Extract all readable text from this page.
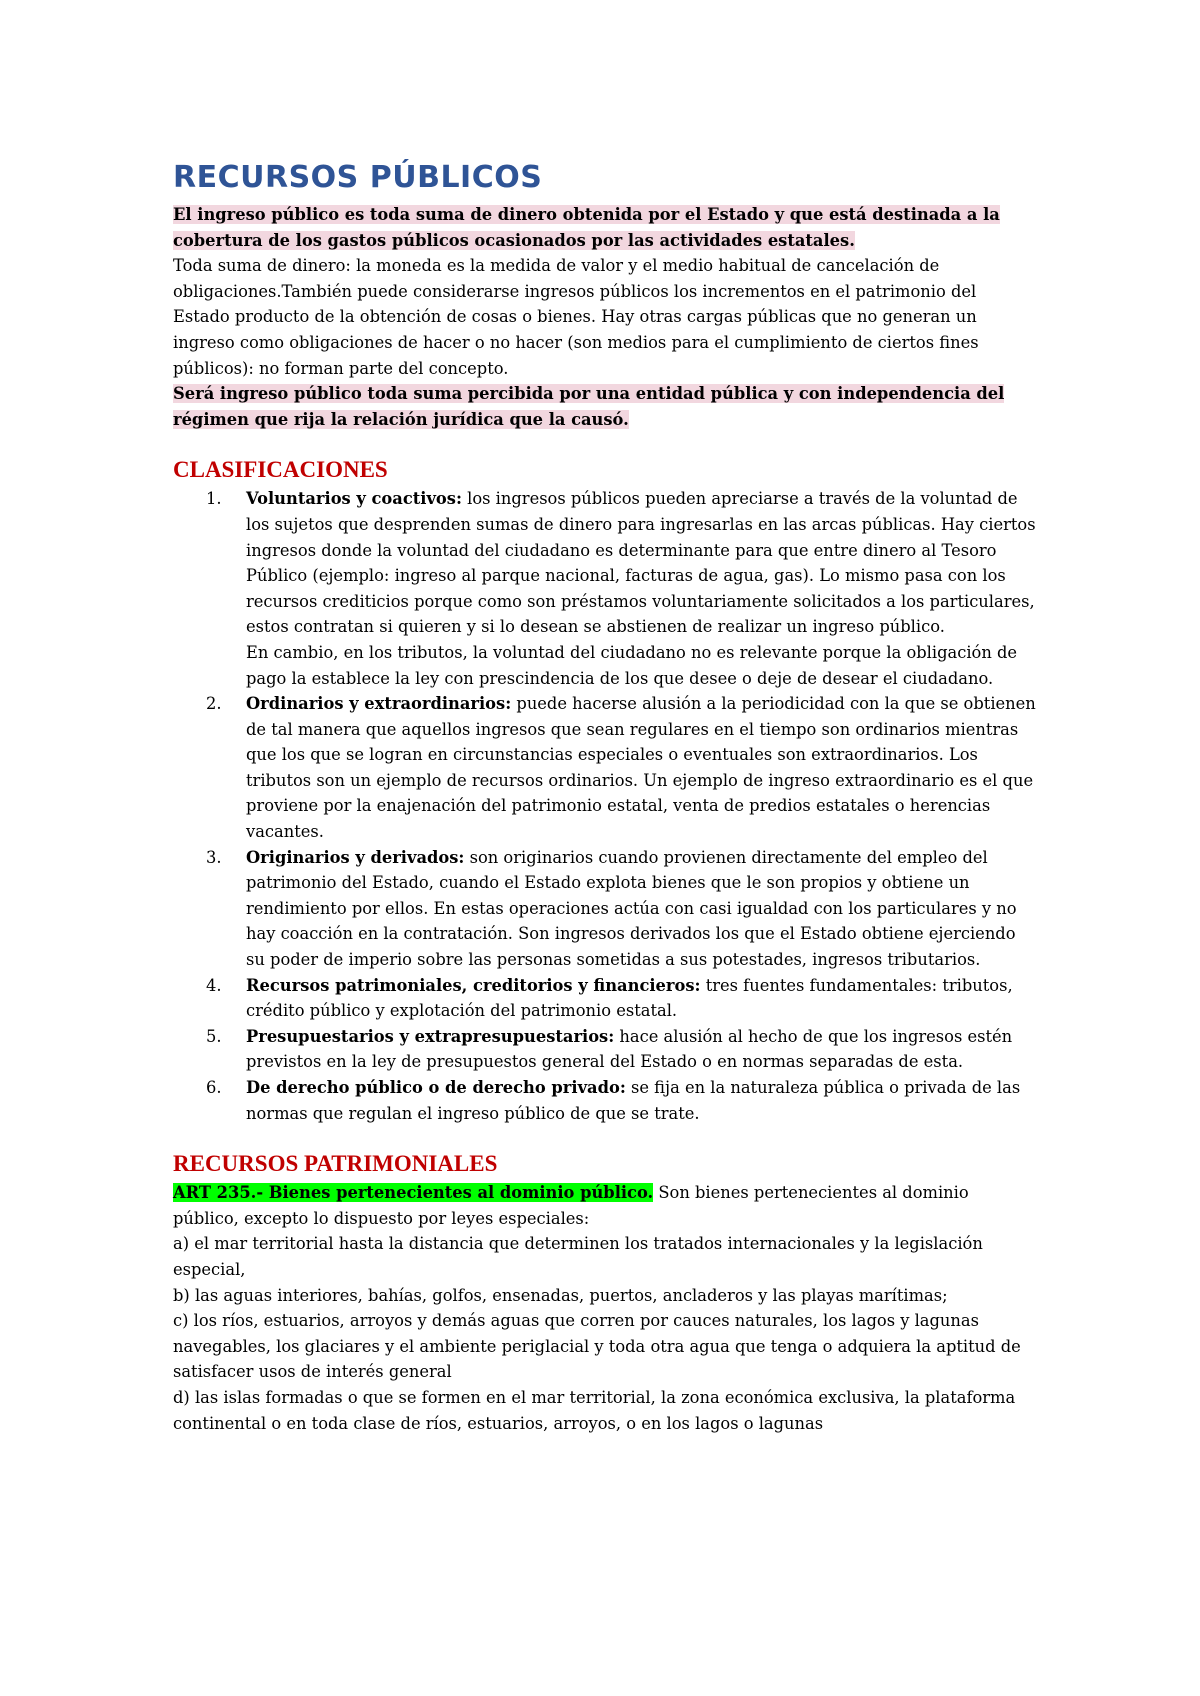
RECURSOS PÚBLICOS

El ingreso público es toda suma de dinero obtenida por el Estado y que está destinada a la cobertura de los gastos públicos ocasionados por las actividades estatales.

Toda suma de dinero: la moneda es la medida de valor y el medio habitual de cancelación de obligaciones.También puede considerarse ingresos públicos los incrementos en el patrimonio del Estado producto de la obtención de cosas o bienes. Hay otras cargas públicas que no generan un ingreso como obligaciones de hacer o no hacer (son medios para el cumplimiento de ciertos fines públicos): no forman parte del concepto.

Será ingreso público toda suma percibida por una entidad pública y con independencia del régimen que rija la relación jurídica que la causó.

CLASIFICACIONES
1. Voluntarios y coactivos: los ingresos públicos pueden apreciarse a través de la voluntad de los sujetos que desprenden sumas de dinero para ingresarlas en las arcas públicas. Hay ciertos ingresos donde la voluntad del ciudadano es determinante para que entre dinero al Tesoro Público (ejemplo: ingreso al parque nacional, facturas de agua, gas). Lo mismo pasa con los recursos crediticios porque como son préstamos voluntariamente solicitados a los particulares, estos contratan si quieren y si lo desean se abstienen de realizar un ingreso público.
En cambio, en los tributos, la voluntad del ciudadano no es relevante porque la obligación de pago la establece la ley con prescindencia de los que desee o deje de desear el ciudadano.
2. Ordinarios y extraordinarios: puede hacerse alusión a la periodicidad con la que se obtienen de tal manera que aquellos ingresos que sean regulares en el tiempo son ordinarios mientras que los que se logran en circunstancias especiales o eventuales son extraordinarios. Los tributos son un ejemplo de recursos ordinarios. Un ejemplo de ingreso extraordinario es el que proviene por la enajenación del patrimonio estatal, venta de predios estatales o herencias vacantes.
3. Originarios y derivados: son originarios cuando provienen directamente del empleo del patrimonio del Estado, cuando el Estado explota bienes que le son propios y obtiene un rendimiento por ellos. En estas operaciones actúa con casi igualdad con los particulares y no hay coacción en la contratación. Son ingresos derivados los que el Estado obtiene ejerciendo su poder de imperio sobre las personas sometidas a sus potestades, ingresos tributarios.
4. Recursos patrimoniales, creditorios y financieros: tres fuentes fundamentales: tributos, crédito público y explotación del patrimonio estatal.
5. Presupuestarios y extrapresupuestarios: hace alusión al hecho de que los ingresos estén previstos en la ley de presupuestos general del Estado o en normas separadas de esta.
6. De derecho público o de derecho privado: se fija en la naturaleza pública o privada de las normas que regulan el ingreso público de que se trate.
RECURSOS PATRIMONIALES

ART 235.- Bienes pertenecientes al dominio público. Son bienes pertenecientes al dominio público, excepto lo dispuesto por leyes especiales:

a) el mar territorial hasta la distancia que determinen los tratados internacionales y la legislación especial,

b) las aguas interiores, bahías, golfos, ensenadas, puertos, ancladeros y las playas marítimas;

c) los ríos, estuarios, arroyos y demás aguas que corren por cauces naturales, los lagos y lagunas navegables, los glaciares y el ambiente periglacial y toda otra agua que tenga o adquiera la aptitud de satisfacer usos de interés general

d) las islas formadas o que se formen en el mar territorial, la zona económica exclusiva, la plataforma continental o en toda clase de ríos, estuarios, arroyos, o en los lagos o lagunas
